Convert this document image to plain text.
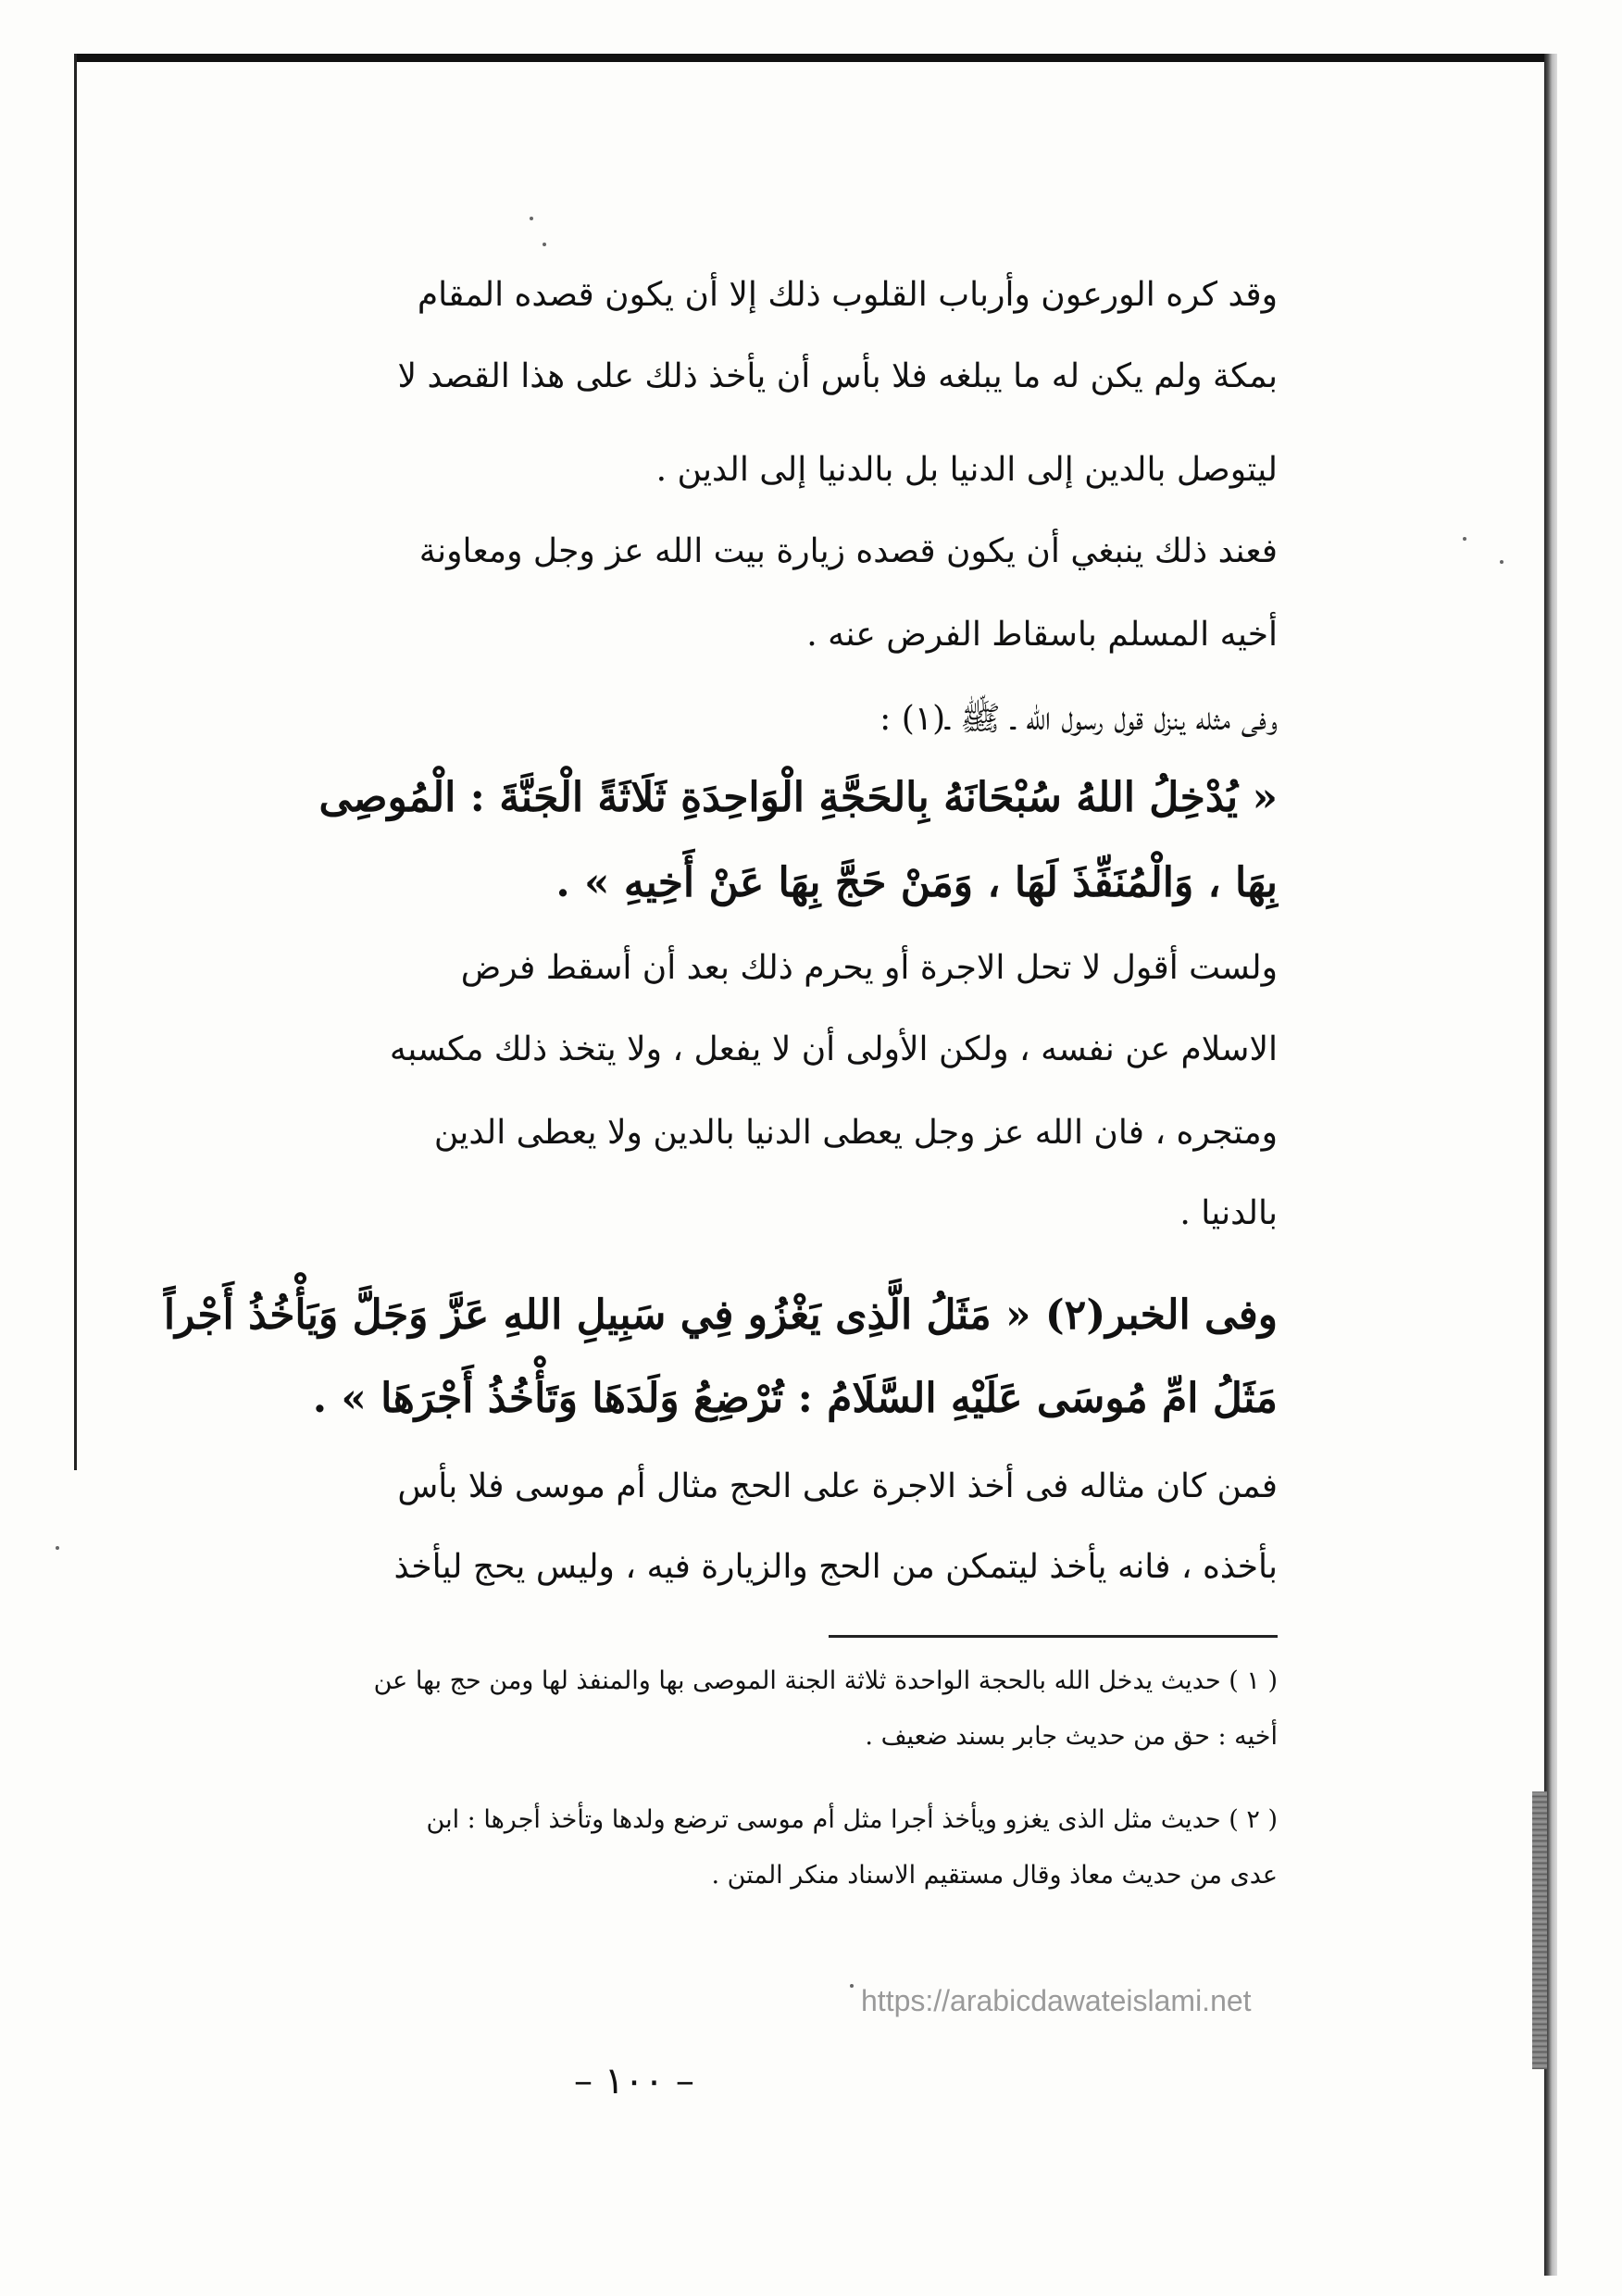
وقد كره الورعون وأرباب القلوب ذلك إلا أن يكون قصده المقام
بمكة ولم يكن له ما يبلغه فلا بأس أن يأخذ ذلك على هذا القصد لا
ليتوصل بالدين إلى الدنيا بل بالدنيا إلى الدين .
فعند ذلك ينبغي أن يكون قصده زيارة بيت الله عز وجل ومعاونة
أخيه المسلم باسقاط الفرض عنه .
وفى مثله ينزل قول رسول الله ـ ﷺ ـ(١) :
« يُدْخِلُ اللهُ سُبْحَانَهُ بِالحَجَّةِ الْوَاحِدَةِ ثَلَاثَةً الْجَنَّةَ : الْمُوصِى
بِهَا ، وَالْمُنَفِّذَ لَهَا ، وَمَنْ حَجَّ بِهَا عَنْ أَخِيهِ » .
ولست أقول لا تحل الاجرة أو يحرم ذلك بعد أن أسقط فرض
الاسلام عن نفسه ، ولكن الأولى أن لا يفعل ، ولا يتخذ ذلك مكسبه
ومتجره ، فان الله عز وجل يعطى الدنيا بالدين ولا يعطى الدين
بالدنيا .
وفى الخبر(٢) « مَثَلُ الَّذِى يَغْزُو فِي سَبِيلِ اللهِ عَزَّ وَجَلَّ وَيَأْخُذُ أَجْراً
مَثَلُ امِّ مُوسَى عَلَيْهِ السَّلَامُ : تُرْضِعُ وَلَدَهَا وَتَأْخُذُ أَجْرَهَا » .
فمن كان مثاله فى أخذ الاجرة على الحج مثال أم موسى فلا بأس
بأخذه ، فانه يأخذ ليتمكن من الحج والزيارة فيه ، وليس يحج ليأخذ
( ١ ) حديث يدخل الله بالحجة الواحدة ثلاثة الجنة الموصى بها والمنفذ لها ومن حج بها عن
أخيه : حق من حديث جابر بسند ضعيف .
( ٢ ) حديث مثل الذى يغزو ويأخذ أجرا مثل أم موسى ترضع ولدها وتأخذ أجرها : ابن
عدى من حديث معاذ وقال مستقيم الاسناد منكر المتن .
https://arabicdawateislami.net
– ١٠٠ –
